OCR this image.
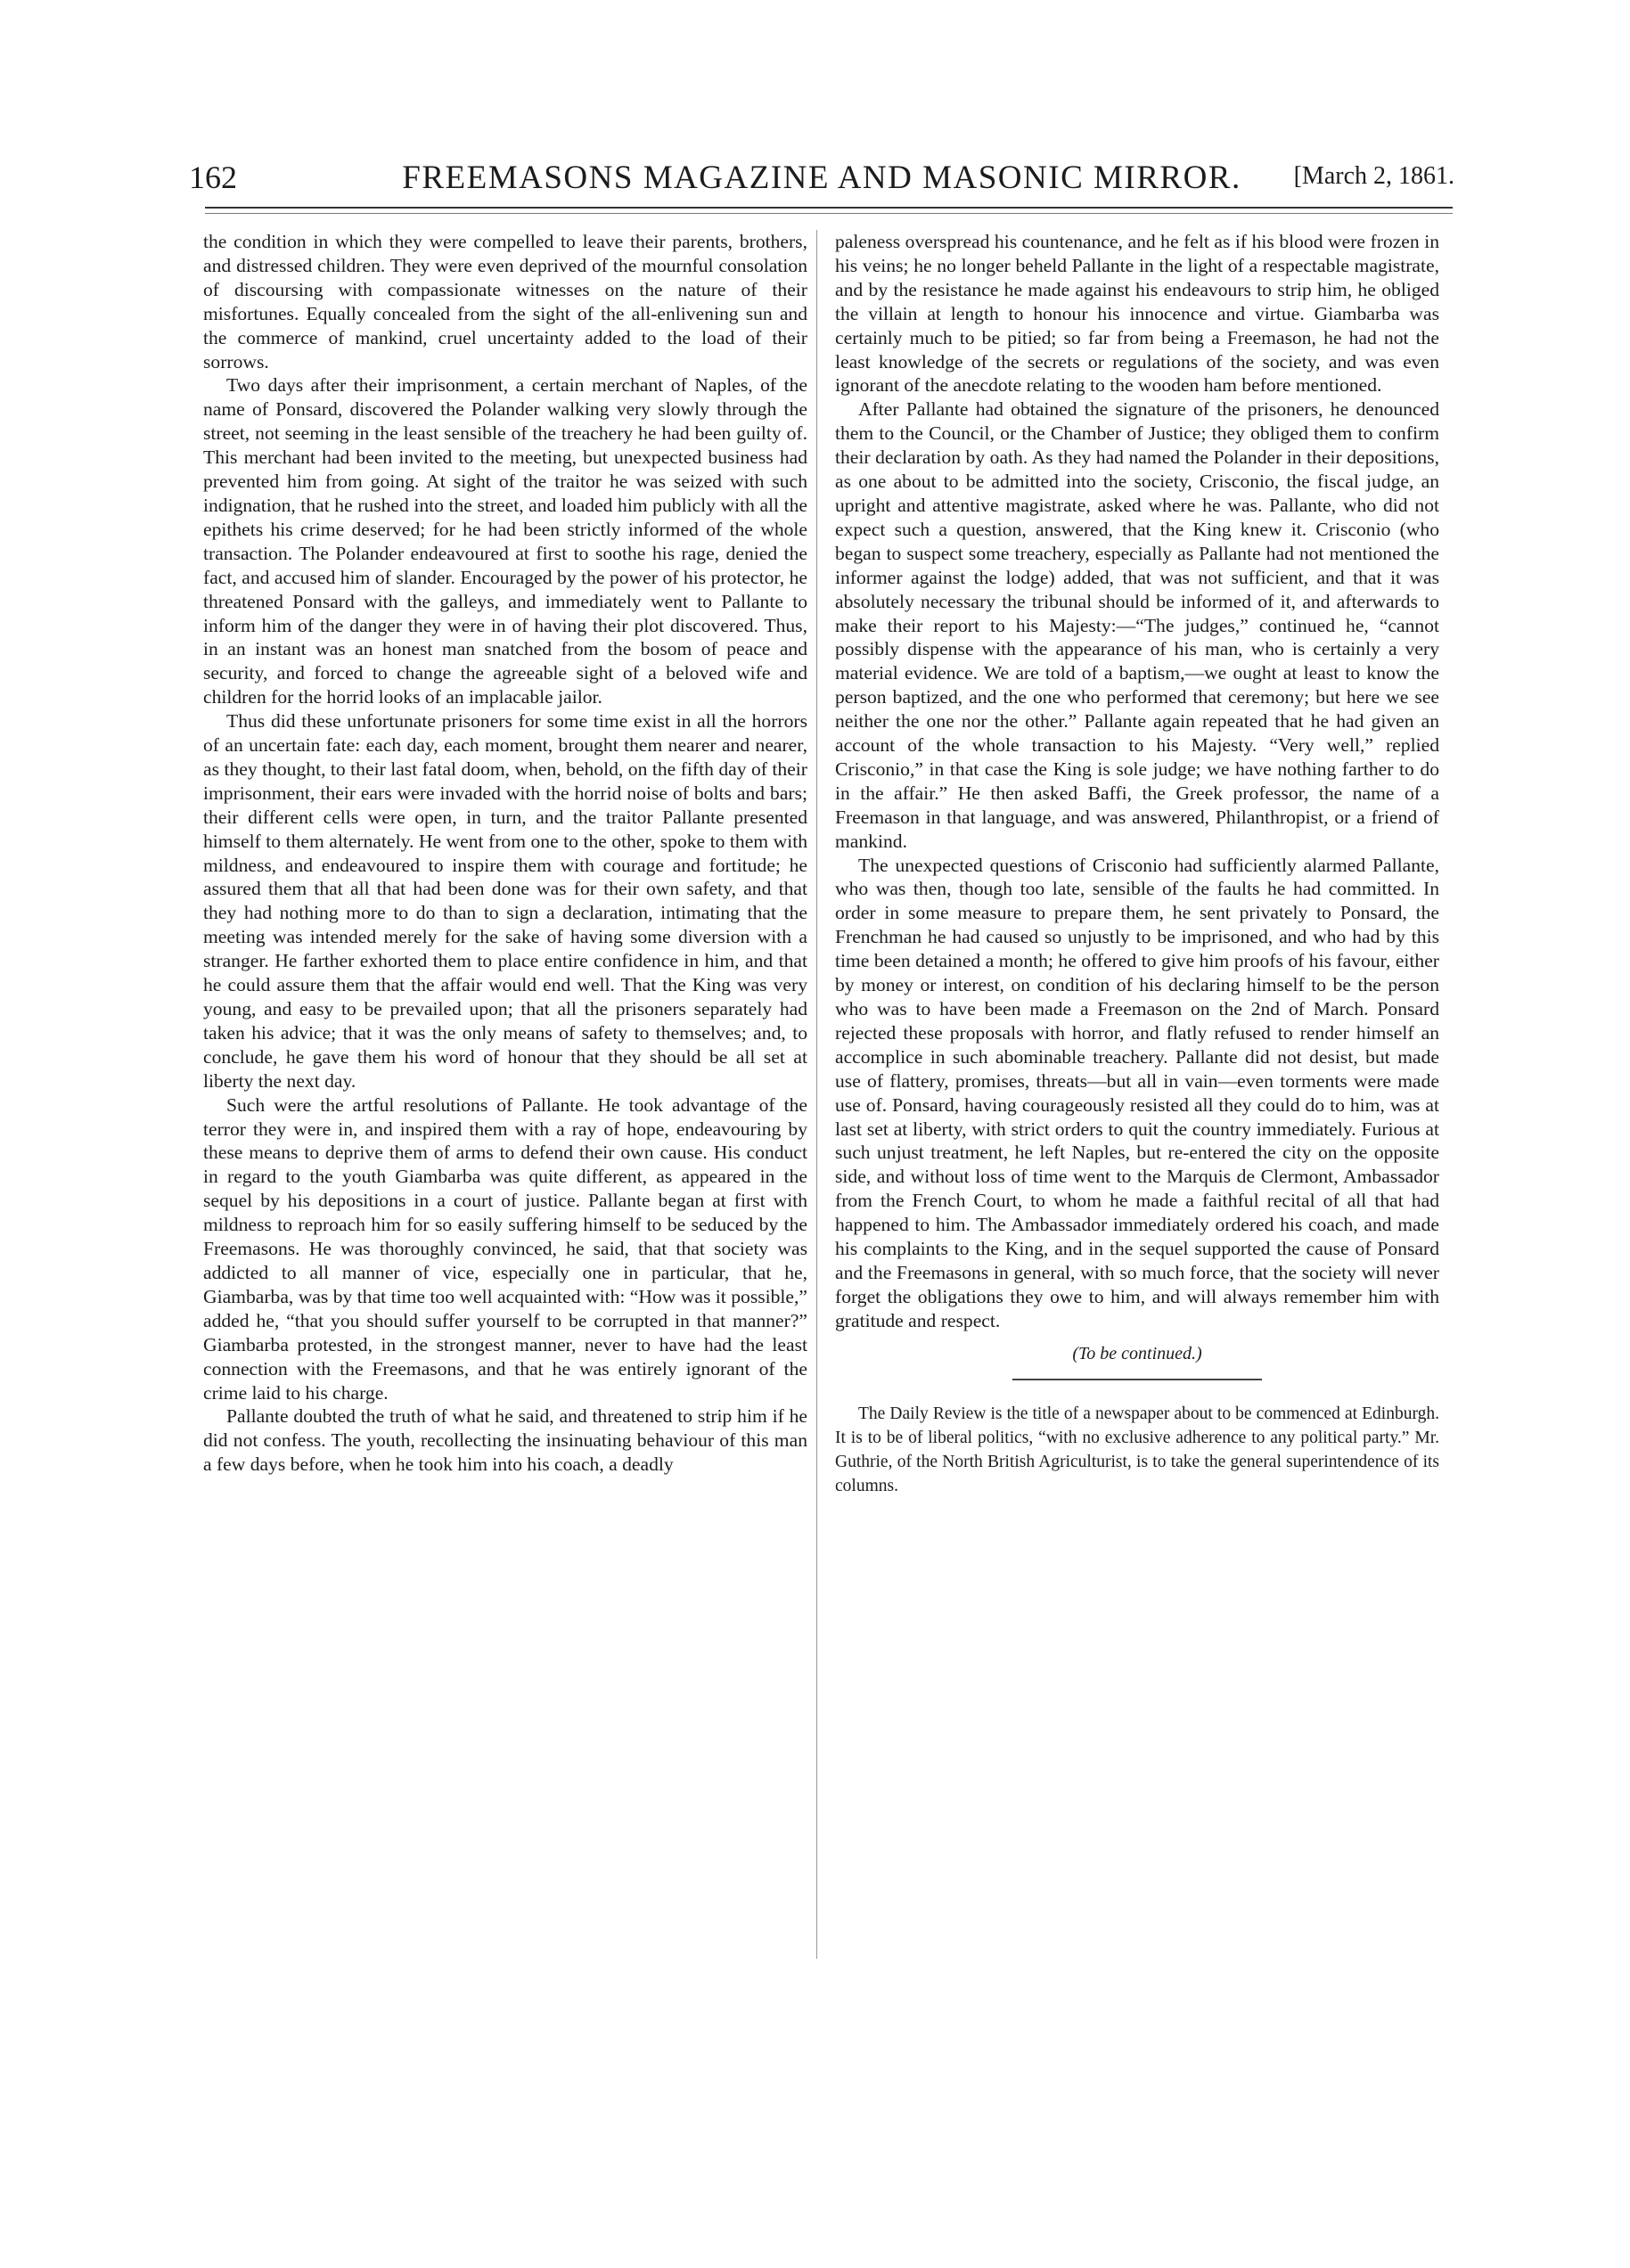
162	FREEMASONS MAGAZINE AND MASONIC MIRROR.	[March 2, 1861.

the condition in which they were compelled to leave their parents, brothers, and distressed children. They were even deprived of the mournful consolation of discoursing with compassionate witnesses on the nature of their misfortunes. Equally concealed from the sight of the all-enlivening sun and the commerce of mankind, cruel uncertainty added to the load of their sorrows.

Two days after their imprisonment, a certain merchant of Naples, of the name of Ponsard, discovered the Polander walking very slowly through the street, not seeming in the least sensible of the treachery he had been guilty of. This merchant had been invited to the meeting, but unexpected business had prevented him from going. At sight of the traitor he was seized with such indignation, that he rushed into the street, and loaded him publicly with all the epithets his crime deserved; for he had been strictly informed of the whole transaction. The Polander endeavoured at first to soothe his rage, denied the fact, and accused him of slander. Encouraged by the power of his protector, he threatened Ponsard with the galleys, and immediately went to Pallante to inform him of the danger they were in of having their plot discovered. Thus, in an instant was an honest man snatched from the bosom of peace and security, and forced to change the agreeable sight of a beloved wife and children for the horrid looks of an implacable jailor.

Thus did these unfortunate prisoners for some time exist in all the horrors of an uncertain fate: each day, each moment, brought them nearer and nearer, as they thought, to their last fatal doom, when, behold, on the fifth day of their imprisonment, their ears were invaded with the horrid noise of bolts and bars; their different cells were open, in turn, and the traitor Pallante presented himself to them alternately. He went from one to the other, spoke to them with mildness, and endeavoured to inspire them with courage and fortitude; he assured them that all that had been done was for their own safety, and that they had nothing more to do than to sign a declaration, intimating that the meeting was intended merely for the sake of having some diversion with a stranger. He farther exhorted them to place entire confidence in him, and that he could assure them that the affair would end well. That the King was very young, and easy to be prevailed upon; that all the prisoners separately had taken his advice; that it was the only means of safety to themselves; and, to conclude, he gave them his word of honour that they should be all set at liberty the next day.

Such were the artful resolutions of Pallante. He took advantage of the terror they were in, and inspired them with a ray of hope, endeavouring by these means to deprive them of arms to defend their own cause. His conduct in regard to the youth Giambarba was quite different, as appeared in the sequel by his depositions in a court of justice. Pallante began at first with mildness to reproach him for so easily suffering himself to be seduced by the Freemasons. He was thoroughly convinced, he said, that that society was addicted to all manner of vice, especially one in particular, that he, Giambarba, was by that time too well acquainted with: “How was it possible,” added he, “that you should suffer yourself to be corrupted in that manner?” Giambarba protested, in the strongest manner, never to have had the least connection with the Freemasons, and that he was entirely ignorant of the crime laid to his charge.

Pallante doubted the truth of what he said, and threatened to strip him if he did not confess. The youth, recollecting the insinuating behaviour of this man a few days before, when he took him into his coach, a deadly

paleness overspread his countenance, and he felt as if his blood were frozen in his veins; he no longer beheld Pallante in the light of a respectable magistrate, and by the resistance he made against his endeavours to strip him, he obliged the villain at length to honour his innocence and virtue. Giambarba was certainly much to be pitied; so far from being a Freemason, he had not the least knowledge of the secrets or regulations of the society, and was even ignorant of the anecdote relating to the wooden ham before mentioned.

After Pallante had obtained the signature of the prisoners, he denounced them to the Council, or the Chamber of Justice; they obliged them to confirm their declaration by oath. As they had named the Polander in their depositions, as one about to be admitted into the society, Crisconio, the fiscal judge, an upright and attentive magistrate, asked where he was. Pallante, who did not expect such a question, answered, that the King knew it. Crisconio (who began to suspect some treachery, especially as Pallante had not mentioned the informer against the lodge) added, that was not sufficient, and that it was absolutely necessary the tribunal should be informed of it, and afterwards to make their report to his Majesty:—“The judges,” continued he, “cannot possibly dispense with the appearance of his man, who is certainly a very material evidence. We are told of a baptism,—we ought at least to know the person baptized, and the one who performed that ceremony; but here we see neither the one nor the other.” Pallante again repeated that he had given an account of the whole transaction to his Majesty. “Very well,” replied Crisconio,” in that case the King is sole judge; we have nothing farther to do in the affair.” He then asked Baffi, the Greek professor, the name of a Freemason in that language, and was answered, Philanthropist, or a friend of mankind.

The unexpected questions of Crisconio had sufficiently alarmed Pallante, who was then, though too late, sensible of the faults he had committed. In order in some measure to prepare them, he sent privately to Ponsard, the Frenchman he had caused so unjustly to be imprisoned, and who had by this time been detained a month; he offered to give him proofs of his favour, either by money or interest, on condition of his declaring himself to be the person who was to have been made a Freemason on the 2nd of March. Ponsard rejected these proposals with horror, and flatly refused to render himself an accomplice in such abominable treachery. Pallante did not desist, but made use of flattery, promises, threats—but all in vain—even torments were made use of. Ponsard, having courageously resisted all they could do to him, was at last set at liberty, with strict orders to quit the country immediately. Furious at such unjust treatment, he left Naples, but re-entered the city on the opposite side, and without loss of time went to the Marquis de Clermont, Ambassador from the French Court, to whom he made a faithful recital of all that had happened to him. The Ambassador immediately ordered his coach, and made his complaints to the King, and in the sequel supported the cause of Ponsard and the Freemasons in general, with so much force, that the society will never forget the obligations they owe to him, and will always remember him with gratitude and respect.

(To be continued.)

The Daily Review is the title of a newspaper about to be commenced at Edinburgh. It is to be of liberal politics, “with no exclusive adherence to any political party.” Mr. Guthrie, of the North British Agriculturist, is to take the general superintendence of its columns.
